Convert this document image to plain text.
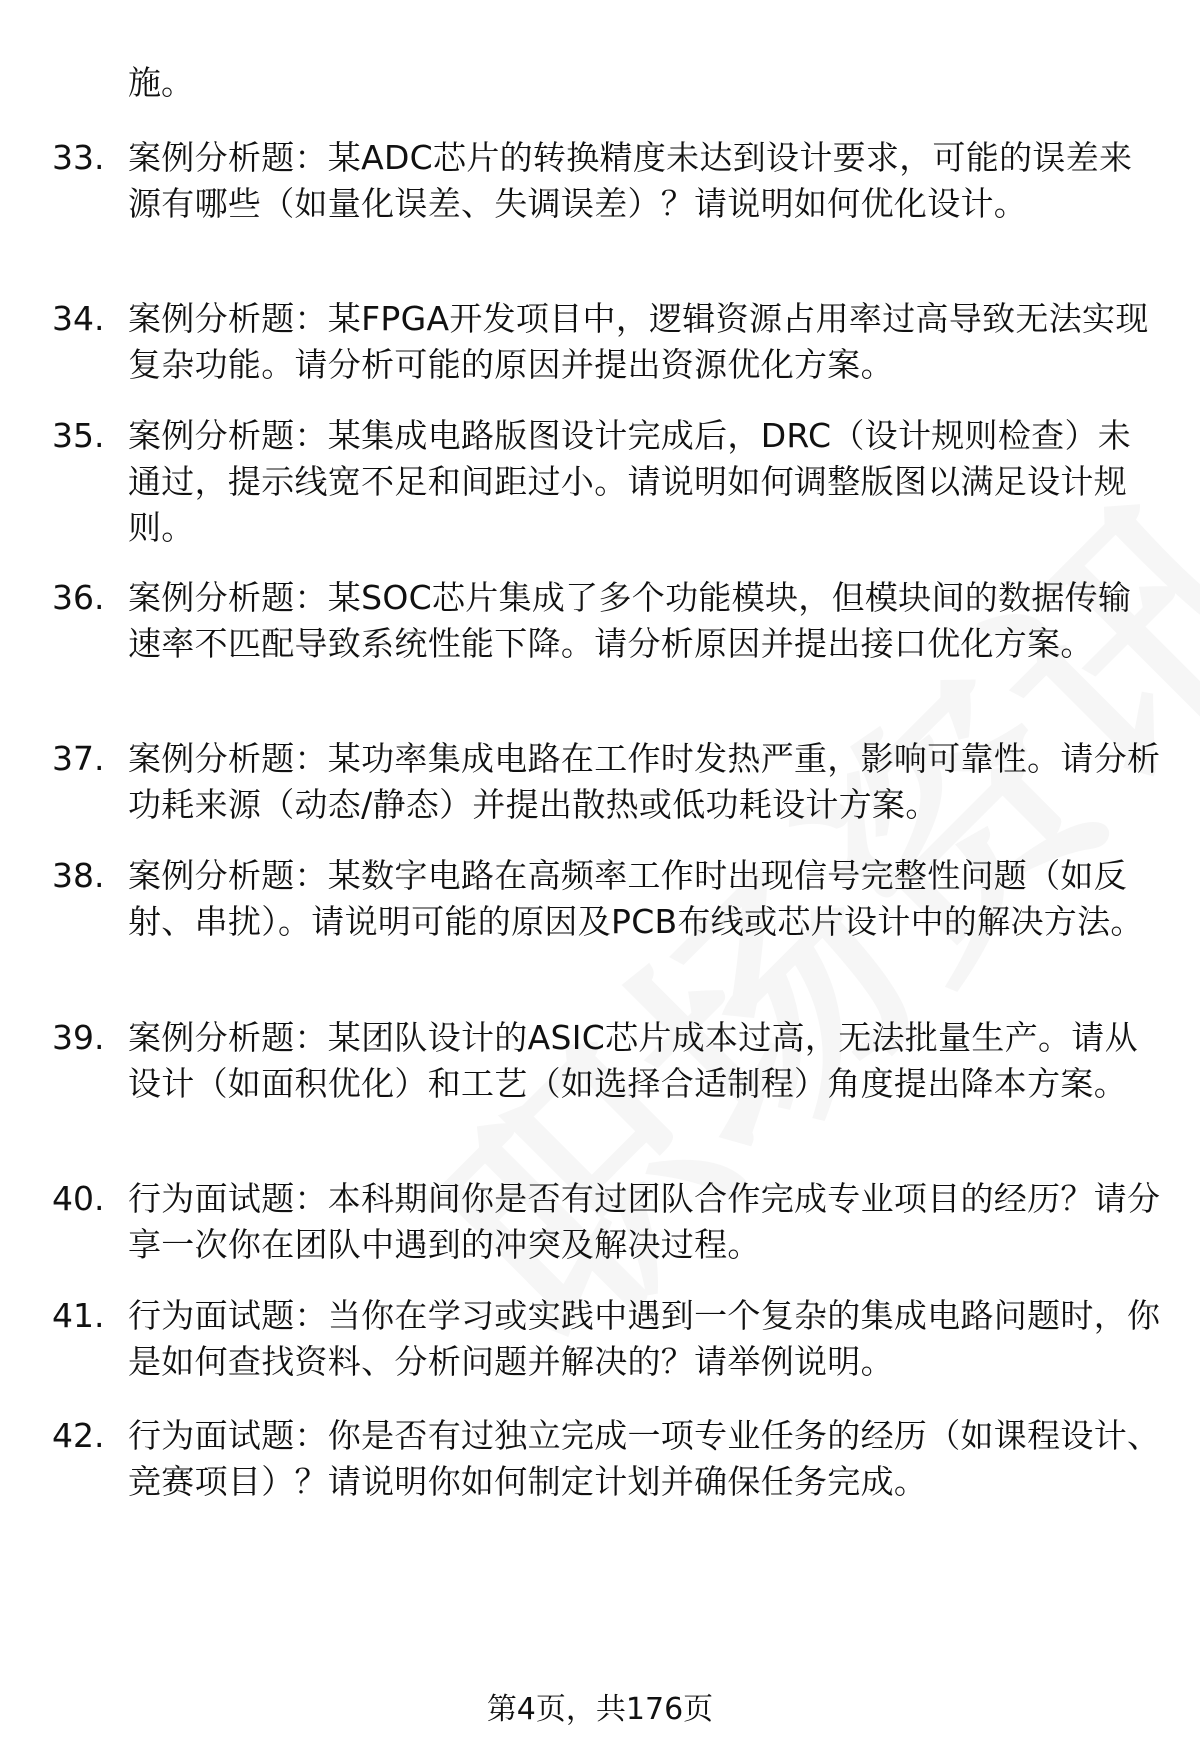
施。
33. 案例分析题：某ADC芯片的转换精度未达到设计要求，可能的误差来源有哪些（如量化误差、失调误差）？请说明如何优化设计。
34. 案例分析题：某FPGA开发项目中，逻辑资源占用率过高导致无法实现复杂功能。请分析可能的原因并提出资源优化方案。
35. 案例分析题：某集成电路版图设计完成后，DRC（设计规则检查）未通过，提示线宽不足和间距过小。请说明如何调整版图以满足设计规则。
36. 案例分析题：某SOC芯片集成了多个功能模块，但模块间的数据传输速率不匹配导致系统性能下降。请分析原因并提出接口优化方案。
37. 案例分析题：某功率集成电路在工作时发热严重，影响可靠性。请分析功耗来源（动态/静态）并提出散热或低功耗设计方案。
38. 案例分析题：某数字电路在高频率工作时出现信号完整性问题（如反射、串扰）。请说明可能的原因及PCB布线或芯片设计中的解决方法。
39. 案例分析题：某团队设计的ASIC芯片成本过高，无法批量生产。请从设计（如面积优化）和工艺（如选择合适制程）角度提出降本方案。
40. 行为面试题：本科期间你是否有过团队合作完成专业项目的经历？请分享一次你在团队中遇到的冲突及解决过程。
41. 行为面试题：当你在学习或实践中遇到一个复杂的集成电路问题时，你是如何查找资料、分析问题并解决的？请举例说明。
42. 行为面试题：你是否有过独立完成一项专业任务的经历（如课程设计、竞赛项目）？请说明你如何制定计划并确保任务完成。
第4页，共176页
